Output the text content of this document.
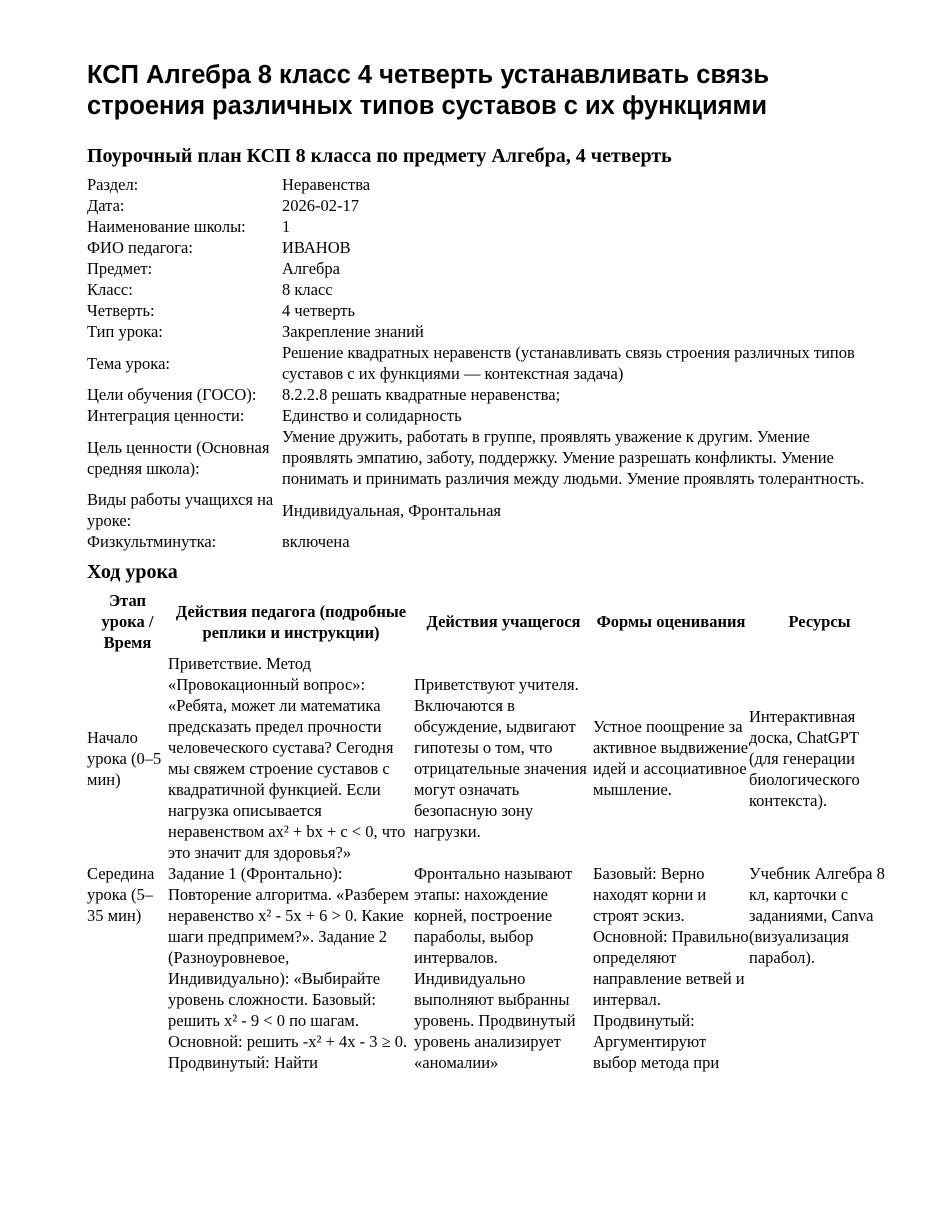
КСП Алгебра 8 класс 4 четверть устанавливать связь строения различных типов суставов с их функциями
Поурочный план КСП 8 класса по предмету Алгебра, 4 четверть
Раздел:	Неравенства
Дата:	2026-02-17
Наименование школы:	1
ФИО педагога:	ИВАНОВ
Предмет:	Алгебра
Класс:	8 класс
Четверть:	4 четверть
Тип урока:	Закрепление знаний
Тема урока:	Решение квадратных неравенств (устанавливать связь строения различных типов суставов с их функциями — контекстная задача)
Цели обучения (ГОСО):	8.2.2.8 решать квадратные неравенства;
Интеграция ценности:	Единство и солидарность
Цель ценности (Основная средняя школа):	Умение дружить, работать в группе, проявлять уважение к другим. Умение проявлять эмпатию, заботу, поддержку. Умение разрешать конфликты. Умение понимать и принимать различия между людьми. Умение проявлять толерантность.
Виды работы учащихся на уроке:	Индивидуальная, Фронтальная
Физкультминутка:	включена
Ход урока
Этап урока / Время	Действия педагога (подробные реплики и инструкции)	Действия учащегося	Формы оценивания	Ресурсы
Начало урока (0–5 мин)	Приветствие. Метод «Провокационный вопрос»: «Ребята, может ли математика предсказать предел прочности человеческого сустава? Сегодня мы свяжем строение суставов с квадратичной функцией. Если нагрузка описывается неравенством ax² + bx + c < 0, что это значит для здоровья?»	Приветствуют учителя. Включаются в обсуждение, ыдвигают гипотезы о том, что отрицательные значения могут означать безопасную зону нагрузки.	Устное поощрение за активное выдвижение идей и ассоциативное мышление.	Интерактивная доска, ChatGPT (для генерации биологического контекста).
Середина урока (5–35 мин)	Задание 1 (Фронтально): Повторение алгоритма. «Разберем неравенство x² - 5x + 6 > 0. Какие шаги предпримем?». Задание 2 (Разноуровневое, Индивидуально): «Выбирайте уровень сложности. Базовый: решить x² - 9 < 0 по шагам. Основной: решить -x² + 4x - 3 ≥ 0. Продвинутый: Найти	Фронтально называют этапы: нахождение корней, построение параболы, выбор интервалов. Индивидуально выполняют выбранны уровень. Продвинутый уровень анализирует «аномалии»	Базовый: Верно находят корни и строят эскиз. Основной: Правильно определяют направление ветвей и интервал. Продвинутый: Аргументируют выбор метода при	Учебник Алгебра 8 кл, карточки с заданиями, Canva (визуализация парабол).
